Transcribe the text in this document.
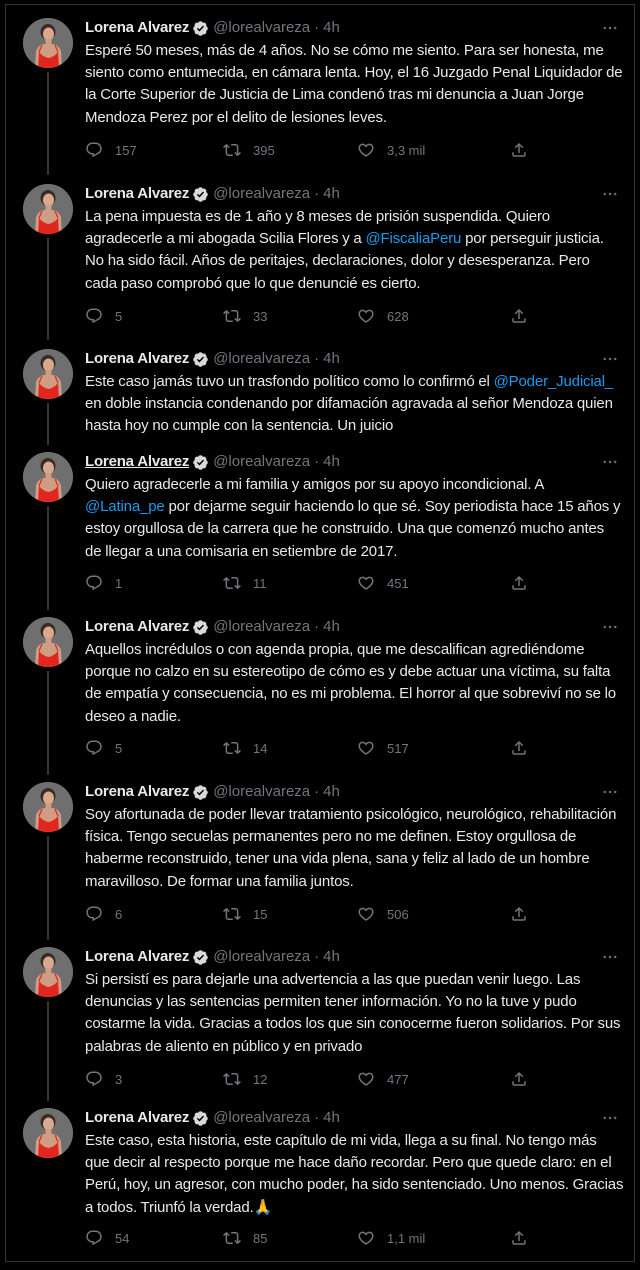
Lorena Alvarez @lorealvareza · 4h
Esperé 50 meses, más de 4 años. No se cómo me siento. Para ser honesta, me siento como entumecida, en cámara lenta. Hoy, el 16 Juzgado Penal Liquidador de la Corte Superior de Justicia de Lima condenó tras mi denuncia a Juan Jorge Mendoza Perez por el delito de lesiones leves.
157	395	3,3 mil
Lorena Alvarez @lorealvareza · 4h
La pena impuesta es de 1 año y 8 meses de prisión suspendida. Quiero agradecerle a mi abogada Scilia Flores y a @FiscaliaPeru por perseguir justicia. No ha sido fácil. Años de peritajes, declaraciones, dolor y desesperanza. Pero cada paso comprobó que lo que denuncié es cierto.
5	33	628
Lorena Alvarez @lorealvareza · 4h
Este caso jamás tuvo un trasfondo político como lo confirmó el @Poder_Judicial_ en doble instancia condenando por difamación agravada al señor Mendoza quien hasta hoy no cumple con la sentencia. Un juicio
Lorena Alvarez @lorealvareza · 4h
Quiero agradecerle a mi familia y amigos por su apoyo incondicional. A @Latina_pe por dejarme seguir haciendo lo que sé. Soy periodista hace 15 años y estoy orgullosa de la carrera que he construido. Una que comenzó mucho antes de llegar a una comisaria en setiembre de 2017.
1	11	451
Lorena Alvarez @lorealvareza · 4h
Aquellos incrédulos o con agenda propia, que me descalifican agrediéndome porque no calzo en su estereotipo de cómo es y debe actuar una víctima, su falta de empatía y consecuencia, no es mi problema. El horror al que sobreviví no se lo deseo a nadie.
5	14	517
Lorena Alvarez @lorealvareza · 4h
Soy afortunada de poder llevar tratamiento psicológico, neurológico, rehabilitación física. Tengo secuelas permanentes pero no me definen. Estoy orgullosa de haberme reconstruido, tener una vida plena, sana y feliz al lado de un hombre maravilloso. De formar una familia juntos.
6	15	506
Lorena Alvarez @lorealvareza · 4h
Si persistí es para dejarle una advertencia a las que puedan venir luego. Las denuncias y las sentencias permiten tener información. Yo no la tuve y pudo costarme la vida. Gracias a todos los que sin conocerme fueron solidarios. Por sus palabras de aliento en público y en privado
3	12	477
Lorena Alvarez @lorealvareza · 4h
Este caso, esta historia, este capítulo de mi vida, llega a su final. No tengo más que decir al respecto porque me hace daño recordar. Pero que quede claro: en el Perú, hoy, un agresor, con mucho poder, ha sido sentenciado. Uno menos. Gracias a todos. Triunfó la verdad.🙏
54	85	1,1 mil
